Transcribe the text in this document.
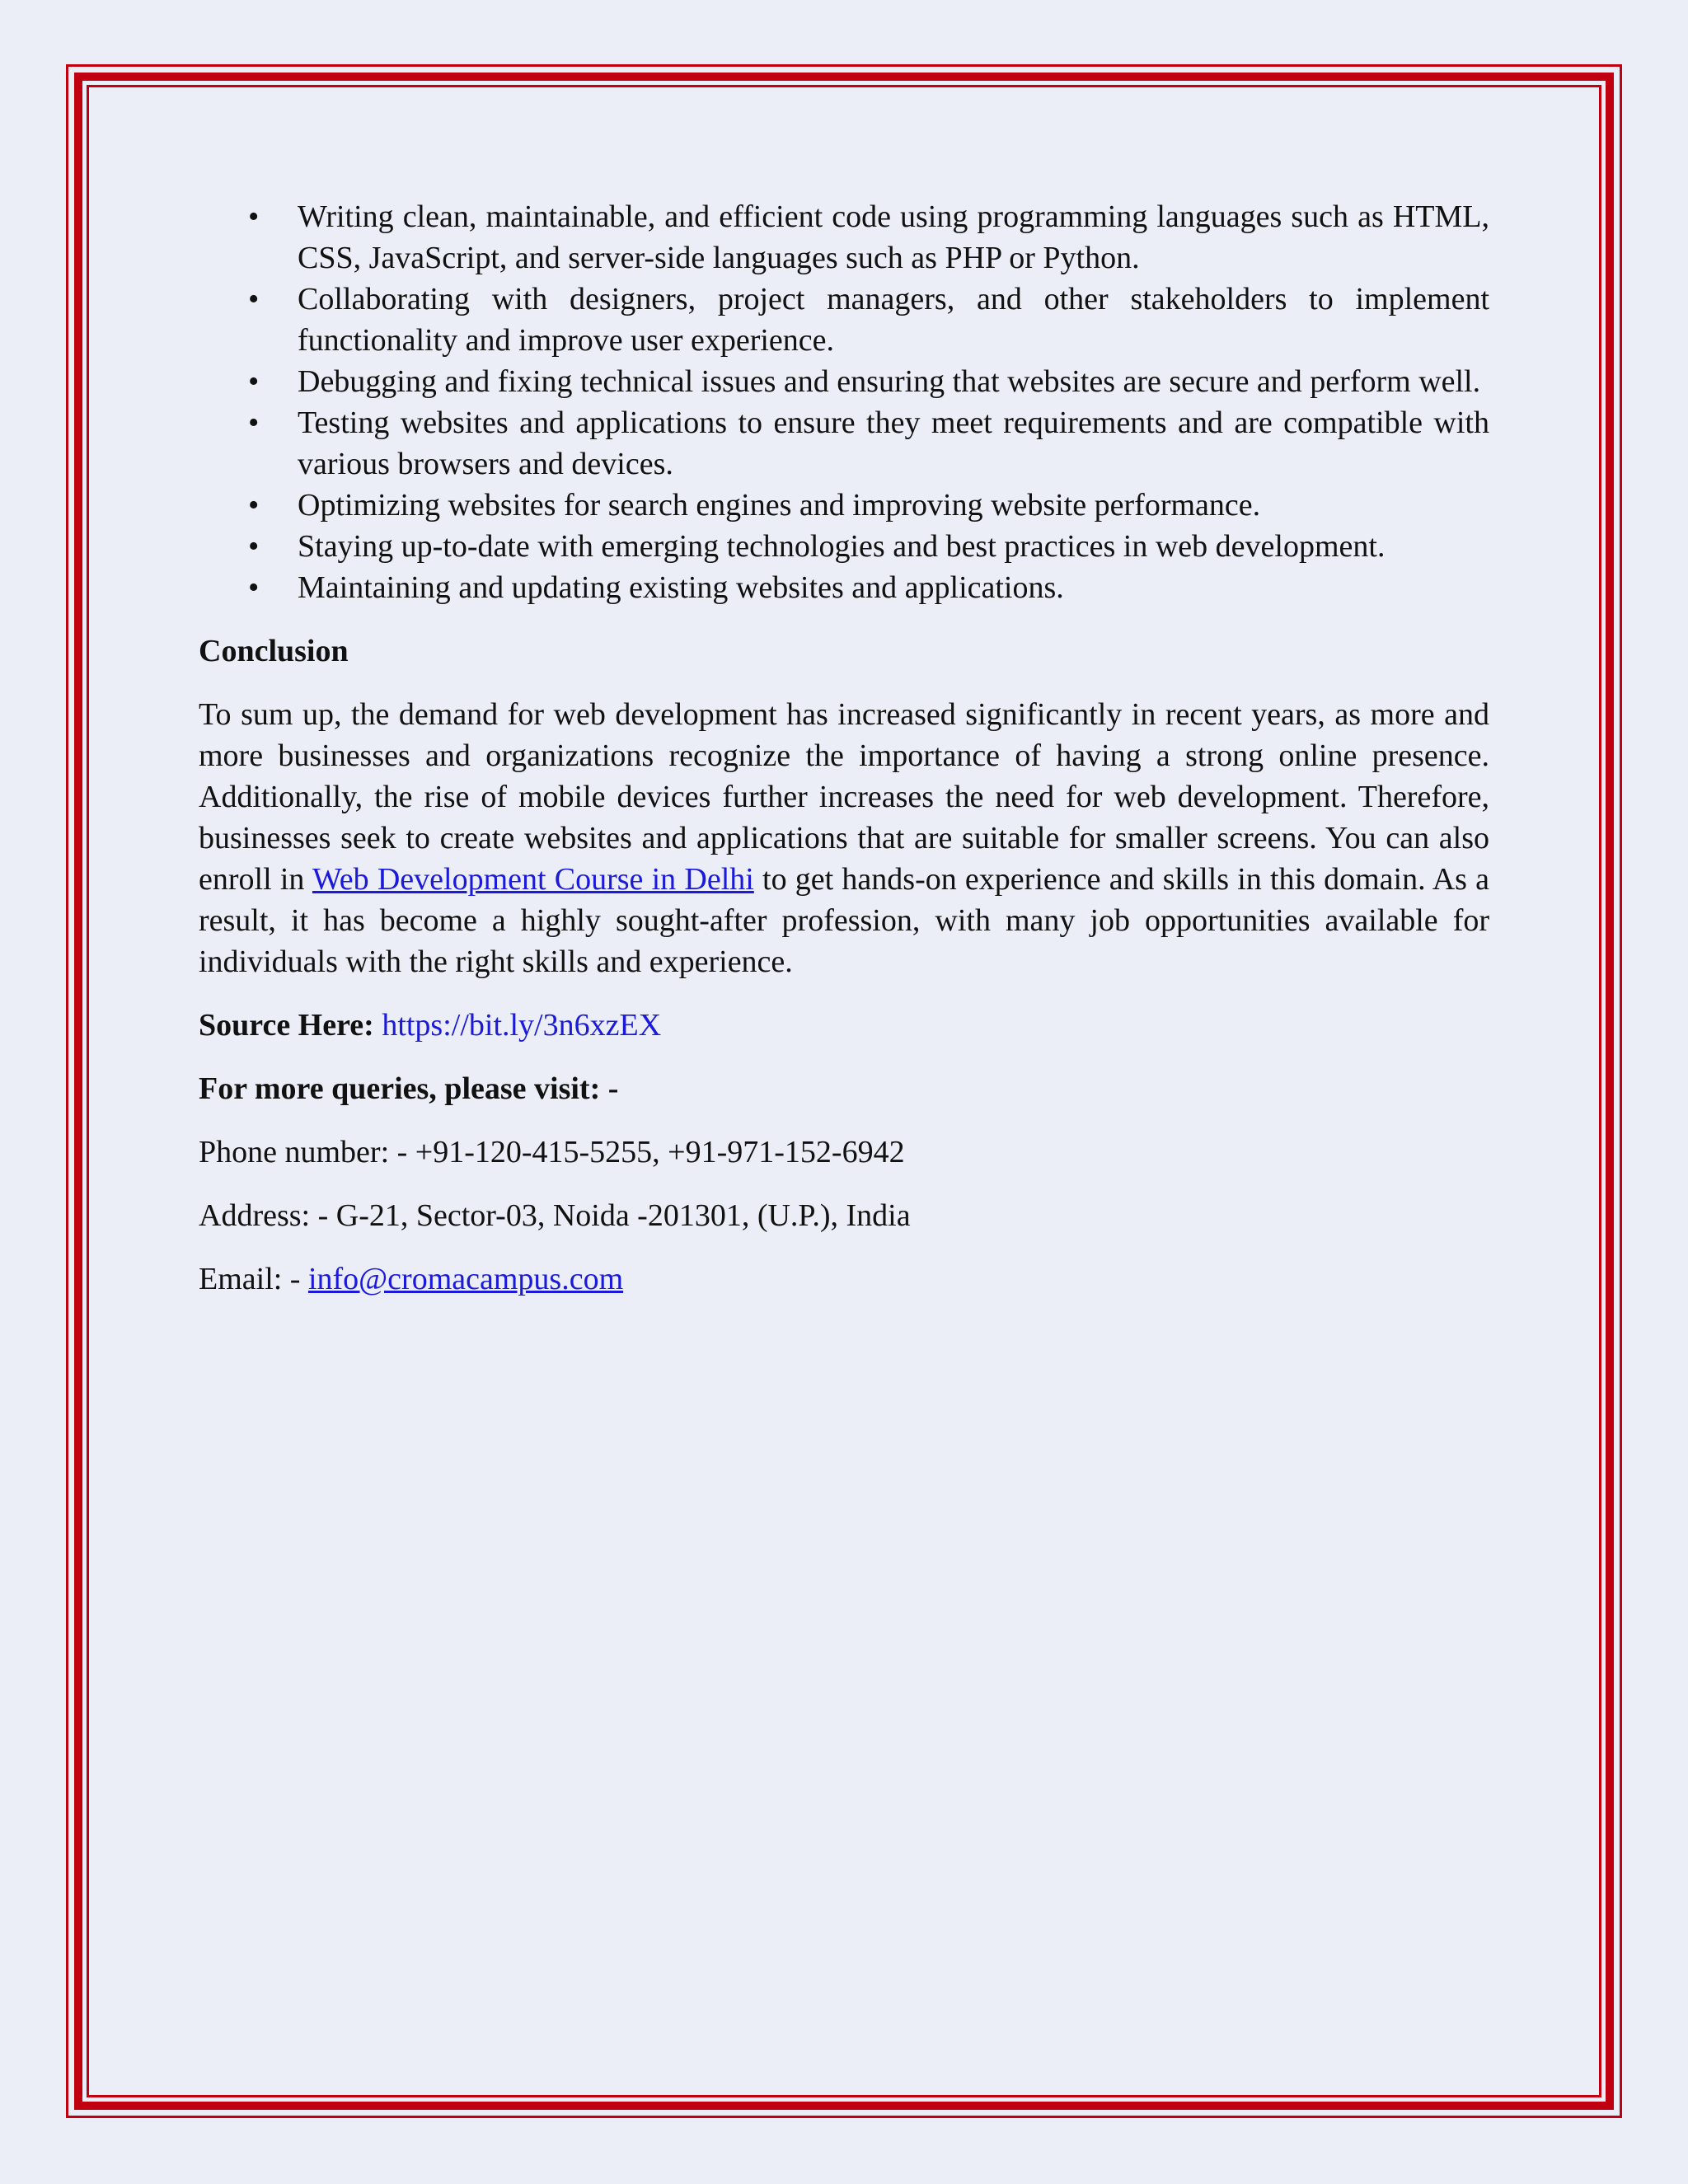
• Writing clean, maintainable, and efficient code using programming languages such as HTML, CSS, JavaScript, and server-side languages such as PHP or Python.
• Collaborating with designers, project managers, and other stakeholders to implement functionality and improve user experience.
• Debugging and fixing technical issues and ensuring that websites are secure and perform well.
• Testing websites and applications to ensure they meet requirements and are compatible with various browsers and devices.
• Optimizing websites for search engines and improving website performance.
• Staying up-to-date with emerging technologies and best practices in web development.
• Maintaining and updating existing websites and applications.

Conclusion

To sum up, the demand for web development has increased significantly in recent years, as more and more businesses and organizations recognize the importance of having a strong online presence. Additionally, the rise of mobile devices further increases the need for web development. Therefore, businesses seek to create websites and applications that are suitable for smaller screens. You can also enroll in Web Development Course in Delhi to get hands-on experience and skills in this domain. As a result, it has become a highly sought-after profession, with many job opportunities available for individuals with the right skills and experience.

Source Here: https://bit.ly/3n6xzEX

For more queries, please visit: -

Phone number: - +91-120-415-5255, +91-971-152-6942

Address: - G-21, Sector-03, Noida -201301, (U.P.), India

Email: - info@cromacampus.com
